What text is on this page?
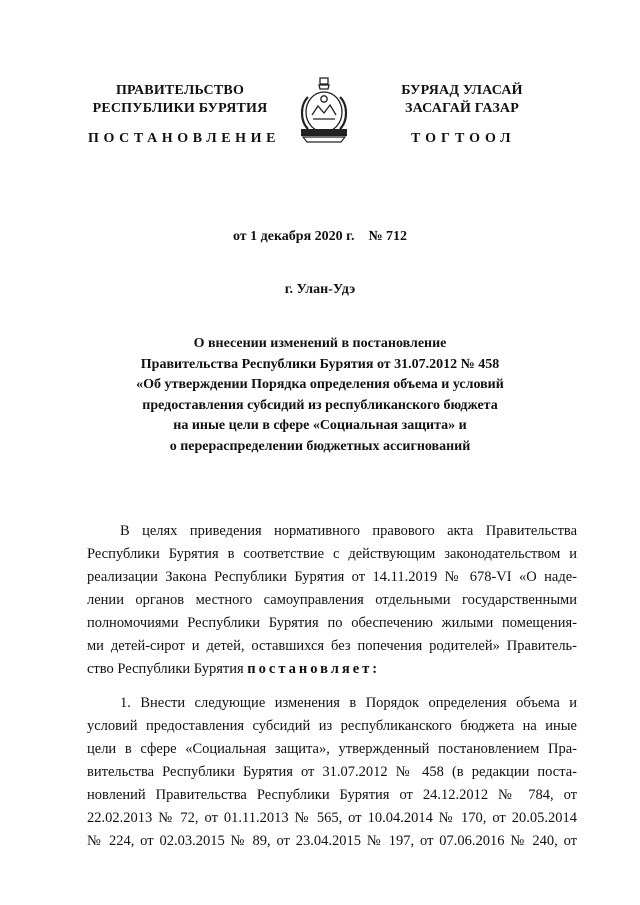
ПРАВИТЕЛЬСТВО
РЕСПУБЛИКИ БУРЯТИЯ
БУРЯАД УЛАСАЙ
ЗАСАГАЙ ГАЗАР
ПОСТАНОВЛЕНИЕ	ТОГТООЛ
от 1 декабря 2020 г.    № 712
г. Улан-Удэ
О внесении изменений в постановление
Правительства Республики Бурятия от 31.07.2012 № 458
«Об утверждении Порядка определения объема и условий
предоставления субсидий из республиканского бюджета
на иные цели в сфере «Социальная защита» и
о перераспределении бюджетных ассигнований
В целях приведения нормативного правового акта Правительства
Республики Бурятия в соответствие с действующим законодательством и
реализации Закона Республики Бурятия от 14.11.2019 № 678-VI «О наде-
лении органов местного самоуправления отдельными государственными
полномочиями Республики Бурятия по обеспечению жилыми помещения-
ми детей-сирот и детей, оставшихся без попечения родителей» Правитель-
ство Республики Бурятия постановляет:
1. Внести следующие изменения в Порядок определения объема и
условий предоставления субсидий из республиканского бюджета на иные
цели в сфере «Социальная защита», утвержденный постановлением Пра-
вительства Республики Бурятия от 31.07.2012 № 458 (в редакции поста-
новлений Правительства Республики Бурятия от 24.12.2012 № 784, от
22.02.2013 № 72, от 01.11.2013 № 565, от 10.04.2014 № 170, от 20.05.2014
№ 224, от 02.03.2015 № 89, от 23.04.2015 № 197, от 07.06.2016 № 240, от
